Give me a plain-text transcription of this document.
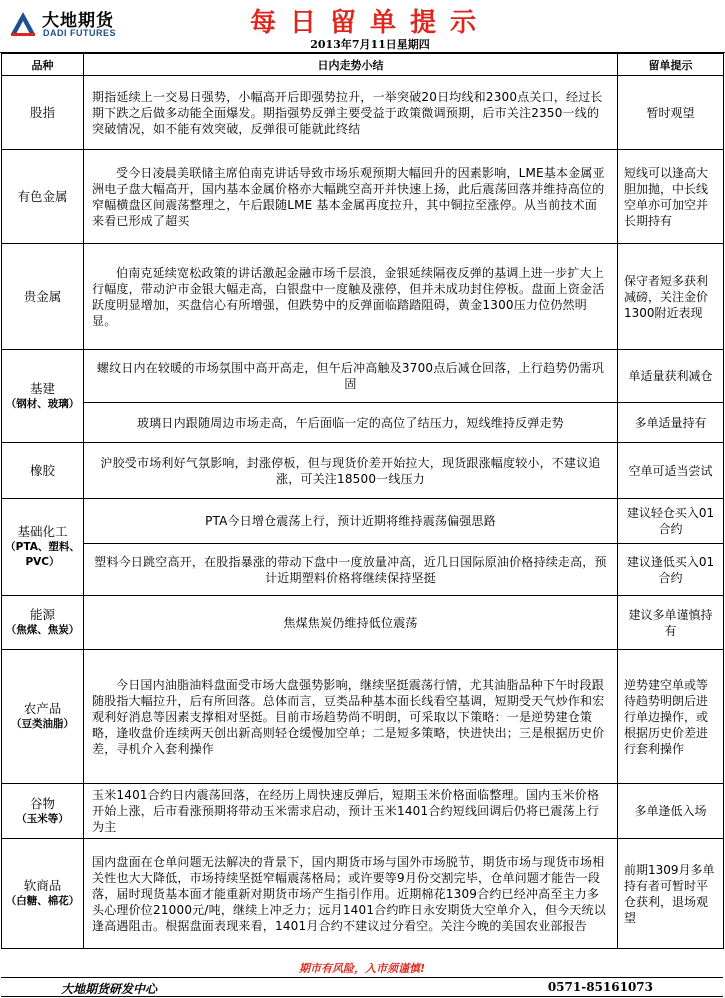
大地期货
DADI FUTURES	每日留单提示
2013年7月11日星期四
品种	日内走势小结	留单提示

股指	期指延续上一交易日强势，小幅高开后即强势拉升，一举突破20日均线和2300点关口，经过长期下跌之后做多动能全面爆发。期指强势反弹主要受益于政策微调预期，后市关注2350一线的突破情况，如不能有效突破，反弹很可能就此终结	暂时观望

有色金属	受今日凌晨美联储主席伯南克讲话导致市场乐观预期大幅回升的因素影响，LME基本金属亚洲电子盘大幅高开，国内基本金属价格亦大幅跳空高开并快速上扬，此后震荡回落并维持高位的窄幅横盘区间震荡整理之，午后跟随LME 基本金属再度拉升，其中铜拉至涨停。从当前技术面来看已形成了超买	短线可以逢高大胆加抛，中长线空单亦可加空并长期持有

贵金属	伯南克延续宽松政策的讲话激起金融市场千层浪，金银延续隔夜反弹的基调上进一步扩大上行幅度，带动沪市金银大幅走高，白银盘中一度触及涨停，但并未成功封住停板。盘面上资金活跃度明显增加，买盘信心有所增强，但跌势中的反弹面临踏踏阻碍，黄金1300压力位仍然明显。	保守者短多获利减磅，关注金价1300附近表现

基建
（钢材、玻璃）	螺纹日内在较暖的市场氛围中高开高走，但午后冲高触及3700点后减仓回落，上行趋势仍需巩固	单适量获利减仓
	玻璃日内跟随周边市场走高，午后面临一定的高位了结压力，短线维持反弹走势	多单适量持有

橡胶	沪胶受市场利好气氛影响，封涨停板，但与现货价差开始拉大，现货跟涨幅度较小，不建议追涨，可关注18500一线压力	空单可适当尝试

基础化工
（PTA、塑料、PVC）	PTA今日增仓震荡上行，预计近期将维持震荡偏强思路	建议轻仓买入01合约
	塑料今日跳空高开，在股指暴涨的带动下盘中一度放量冲高，近几日国际原油价格持续走高，预计近期塑料价格将继续保持坚挺	建议逢低买入01合约

能源
（焦煤、焦炭）	焦煤焦炭仍维持低位震荡	建议多单谨慎持有

农产品
（豆类油脂）	今日国内油脂油料盘面受市场大盘强势影响，继续坚挺震荡行情，尤其油脂品种下午时段跟随股指大幅拉升，后有所回落。总体而言，豆类品种基本面长线看空基调，短期受天气炒作和宏观利好消息等因素支撑相对坚挺。目前市场趋势尚不明朗，可采取以下策略：一是逆势建仓策略，逢收盘价连续两天创出新高则轻仓缓慢加空单；二是短多策略，快进快出；三是根据历史价差，寻机介入套利操作	逆势建空单或等待趋势明朗后进行单边操作，或根据历史价差进行套利操作

谷物
（玉米等）	玉米1401合约日内震荡回落，在经历上周快速反弹后，短期玉米价格面临整理。国内玉米价格开始上涨，后市看涨预期将带动玉米需求启动，预计玉米1401合约短线回调后仍将已震荡上行为主	多单逢低入场

软商品
（白糖、棉花）	国内盘面在仓单问题无法解决的背景下，国内期货市场与国外市场脱节，期货市场与现货市场相关性也大大降低，市场持续坚挺窄幅震荡格局；或许要等9月份交割完毕，仓单问题才能告一段落，届时现货基本面才能重新对期货市场产生指引作用。近期棉花1309合约已经冲高至主力多头心理价位21000元/吨，继续上冲乏力；远月1401合约昨日永安期货大空单介入，但今天统以逢高遇阻击。根据盘面表现来看，1401月合约不建议过分看空。关注今晚的美国农业部报告	前期1309月多单持有者可暂时平仓获利，退场观望
期市有风险，入市须谨慎!
大地期货研发中心	0571-85161073
